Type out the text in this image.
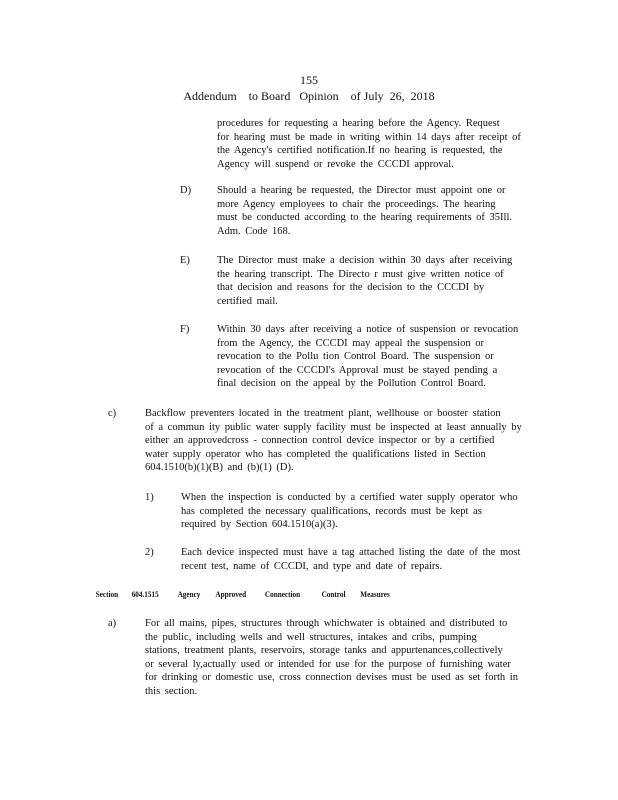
155
Addendum    to Board   Opinion    of July  26,  2018
procedures for requesting a hearing before the Agency. Request
for hearing must be made in writing within 14 days after receipt of
the Agency's certified notification.If no hearing is requested, the
Agency will suspend or revoke the CCCDI approval.
D) Should a hearing be requested, the Director must appoint one or
more Agency employees to chair the proceedings. The hearing
must be conducted according to the hearing requirements of 35Ill.
Adm. Code 168.
E)	The Director must make a decision within 30 days after receiving
the hearing transcript. The Directo r must give written notice of
that decision and reasons for the decision to the CCCDI by
certified mail.
F)	Within 30 days after receiving a notice of suspension or revocation
from the Agency, the CCCDI may appeal the suspension or
revocation to the Pollu tion Control Board. The suspension or
revocation of the CCCDI's Approval must be stayed pending a
final decision on the appeal by the Pollution Control Board.
c)	Backflow preventers located in the treatment plant, wellhouse or booster station
of a commun ity public water supply facility must be inspected at least annually by
either an approvedcross - connection control device inspector or by a certified
water supply operator who has completed the qualifications listed in Section
604.1510(b)(1)(B) and (b)(1) (D).
1)	When the inspection is conducted by a certified water supply operator who
has completed the necessary qualifications, records must be kept as
required by Section 604.1510(a)(3).
2)	Each device inspected must have a tag attached listing the date of the most
recent test, name of CCCDI, and type and date of repairs.
Section 604.1515 Agency Approved Connection	Control Measures
a)	For all mains, pipes, structures through whichwater is obtained and distributed to
the public, including wells and well structures, intakes and cribs, pumping
stations, treatment plants, reservoirs, storage tanks and appurtenances,collectively
or several ly,actually used or intended for use for the purpose of furnishing water
for drinking or domestic use, cross connection devises must be used as set forth in
this section.
